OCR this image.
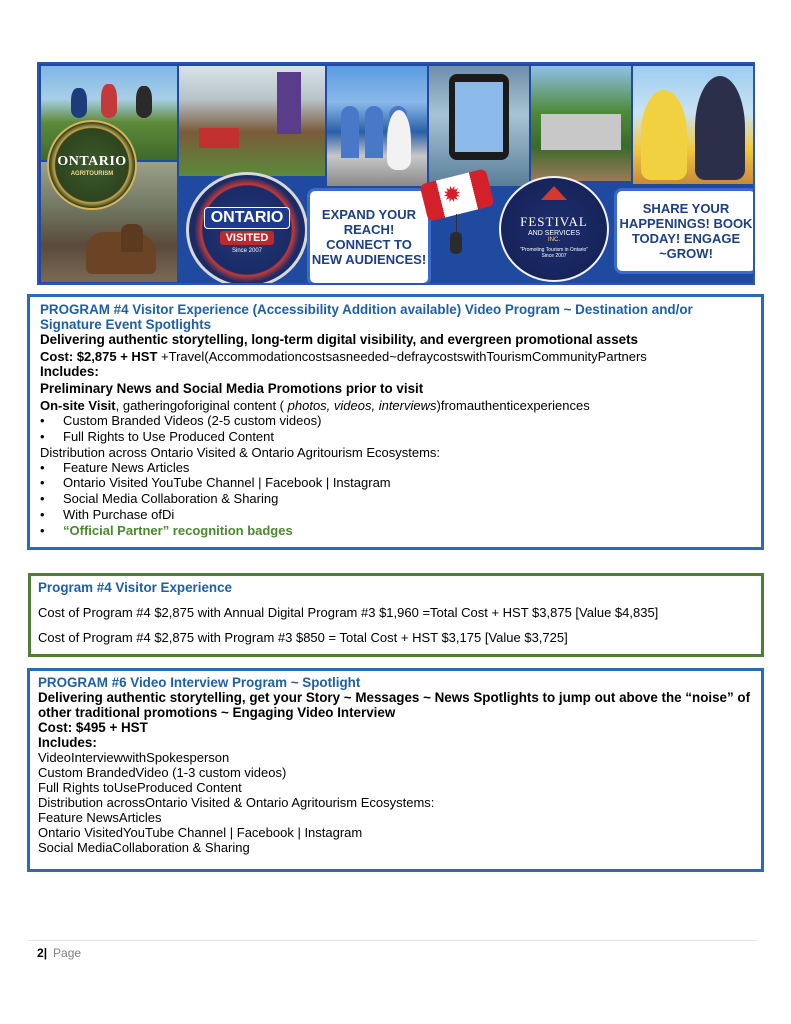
ONTARIO
AGRITOURISM
ONTARIO
VISITED
Since 2007
EXPAND YOUR REACH! CONNECT TO NEW AUDIENCES!
✹
FESTIVAL
AND SERVICES
INC.
"Promoting Tourism in Ontario" Since 2007
SHARE YOUR HAPPENINGS! BOOK TODAY! ENGAGE ~GROW!
PROGRAM #4 Visitor Experience (Accessibility Addition available) Video Program ~ Destination and/or Signature Event Spotlights
Delivering authentic storytelling, long-term digital visibility, and evergreen promotional assets
Cost: $2,875 + HST +Travel(Accommodationcostsasneeded~defraycostswithTourismCommunityPartners
Includes:
Preliminary News and Social Media Promotions prior to visit
On-site Visit, gatheringoforiginal content ( photos, videos, interviews)fromauthenticexperiences
•	Custom Branded Videos (2-5 custom videos)
•	Full Rights to Use Produced Content
Distribution across Ontario Visited & Ontario Agritourism Ecosystems:
•	Feature News Articles
•	Ontario Visited YouTube Channel | Facebook | Instagram
•	Social Media Collaboration & Sharing
•	With Purchase ofDi
•	“Official Partner” recognition badges
Program #4 Visitor Experience
Cost of Program #4 $2,875 with Annual Digital Program #3 $1,960 =Total Cost + HST $3,875 [Value $4,835]
Cost of Program #4 $2,875 with Program #3 $850 = Total Cost + HST $3,175 [Value $3,725]
PROGRAM #6 Video Interview Program ~ Spotlight
Delivering authentic storytelling, get your Story ~ Messages ~ News Spotlights to jump out above the “noise” of other traditional promotions ~ Engaging Video Interview
Cost: $495 + HST
Includes:
VideoInterviewwithSpokesperson
Custom BrandedVideo (1-3 custom videos)
Full Rights toUseProduced Content
Distribution acrossOntario Visited & Ontario Agritourism Ecosystems:
Feature NewsArticles
Ontario VisitedYouTube Channel | Facebook | Instagram
Social MediaCollaboration & Sharing
2| Page
